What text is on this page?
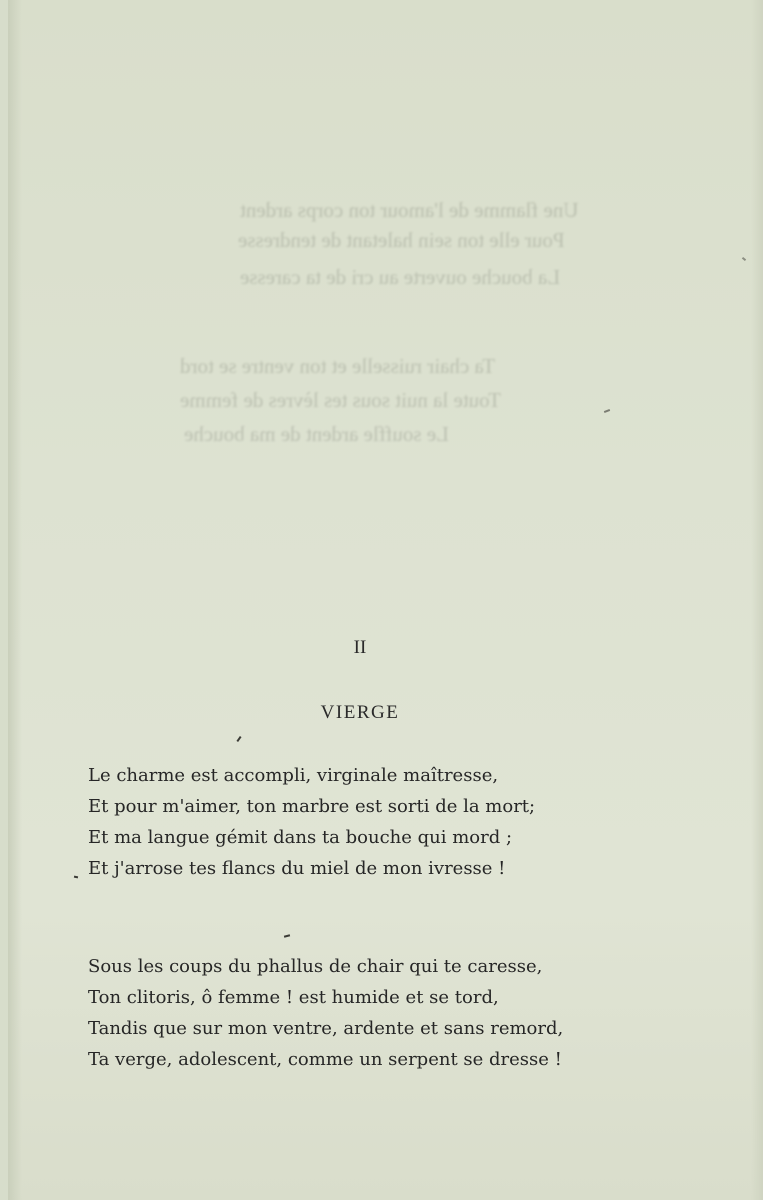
Une flamme de l'amour ton corps ardent
Pour elle ton sein haletant de tendresse
La bouche ouverte au cri de ta caresse
Ta chair ruisselle et ton ventre se tord
Toute la nuit sous tes lèvres de femme
Le souffle ardent de ma bouche
II
VIERGE
Le charme est accompli, virginale maîtresse,
Et pour m'aimer, ton marbre est sorti de la mort;
Et ma langue gémit dans ta bouche qui mord ;
Et j'arrose tes flancs du miel de mon ivresse !
Sous les coups du phallus de chair qui te caresse,
Ton clitoris, ô femme ! est humide et se tord,
Tandis que sur mon ventre, ardente et sans remord,
Ta verge, adolescent, comme un serpent se dresse !
